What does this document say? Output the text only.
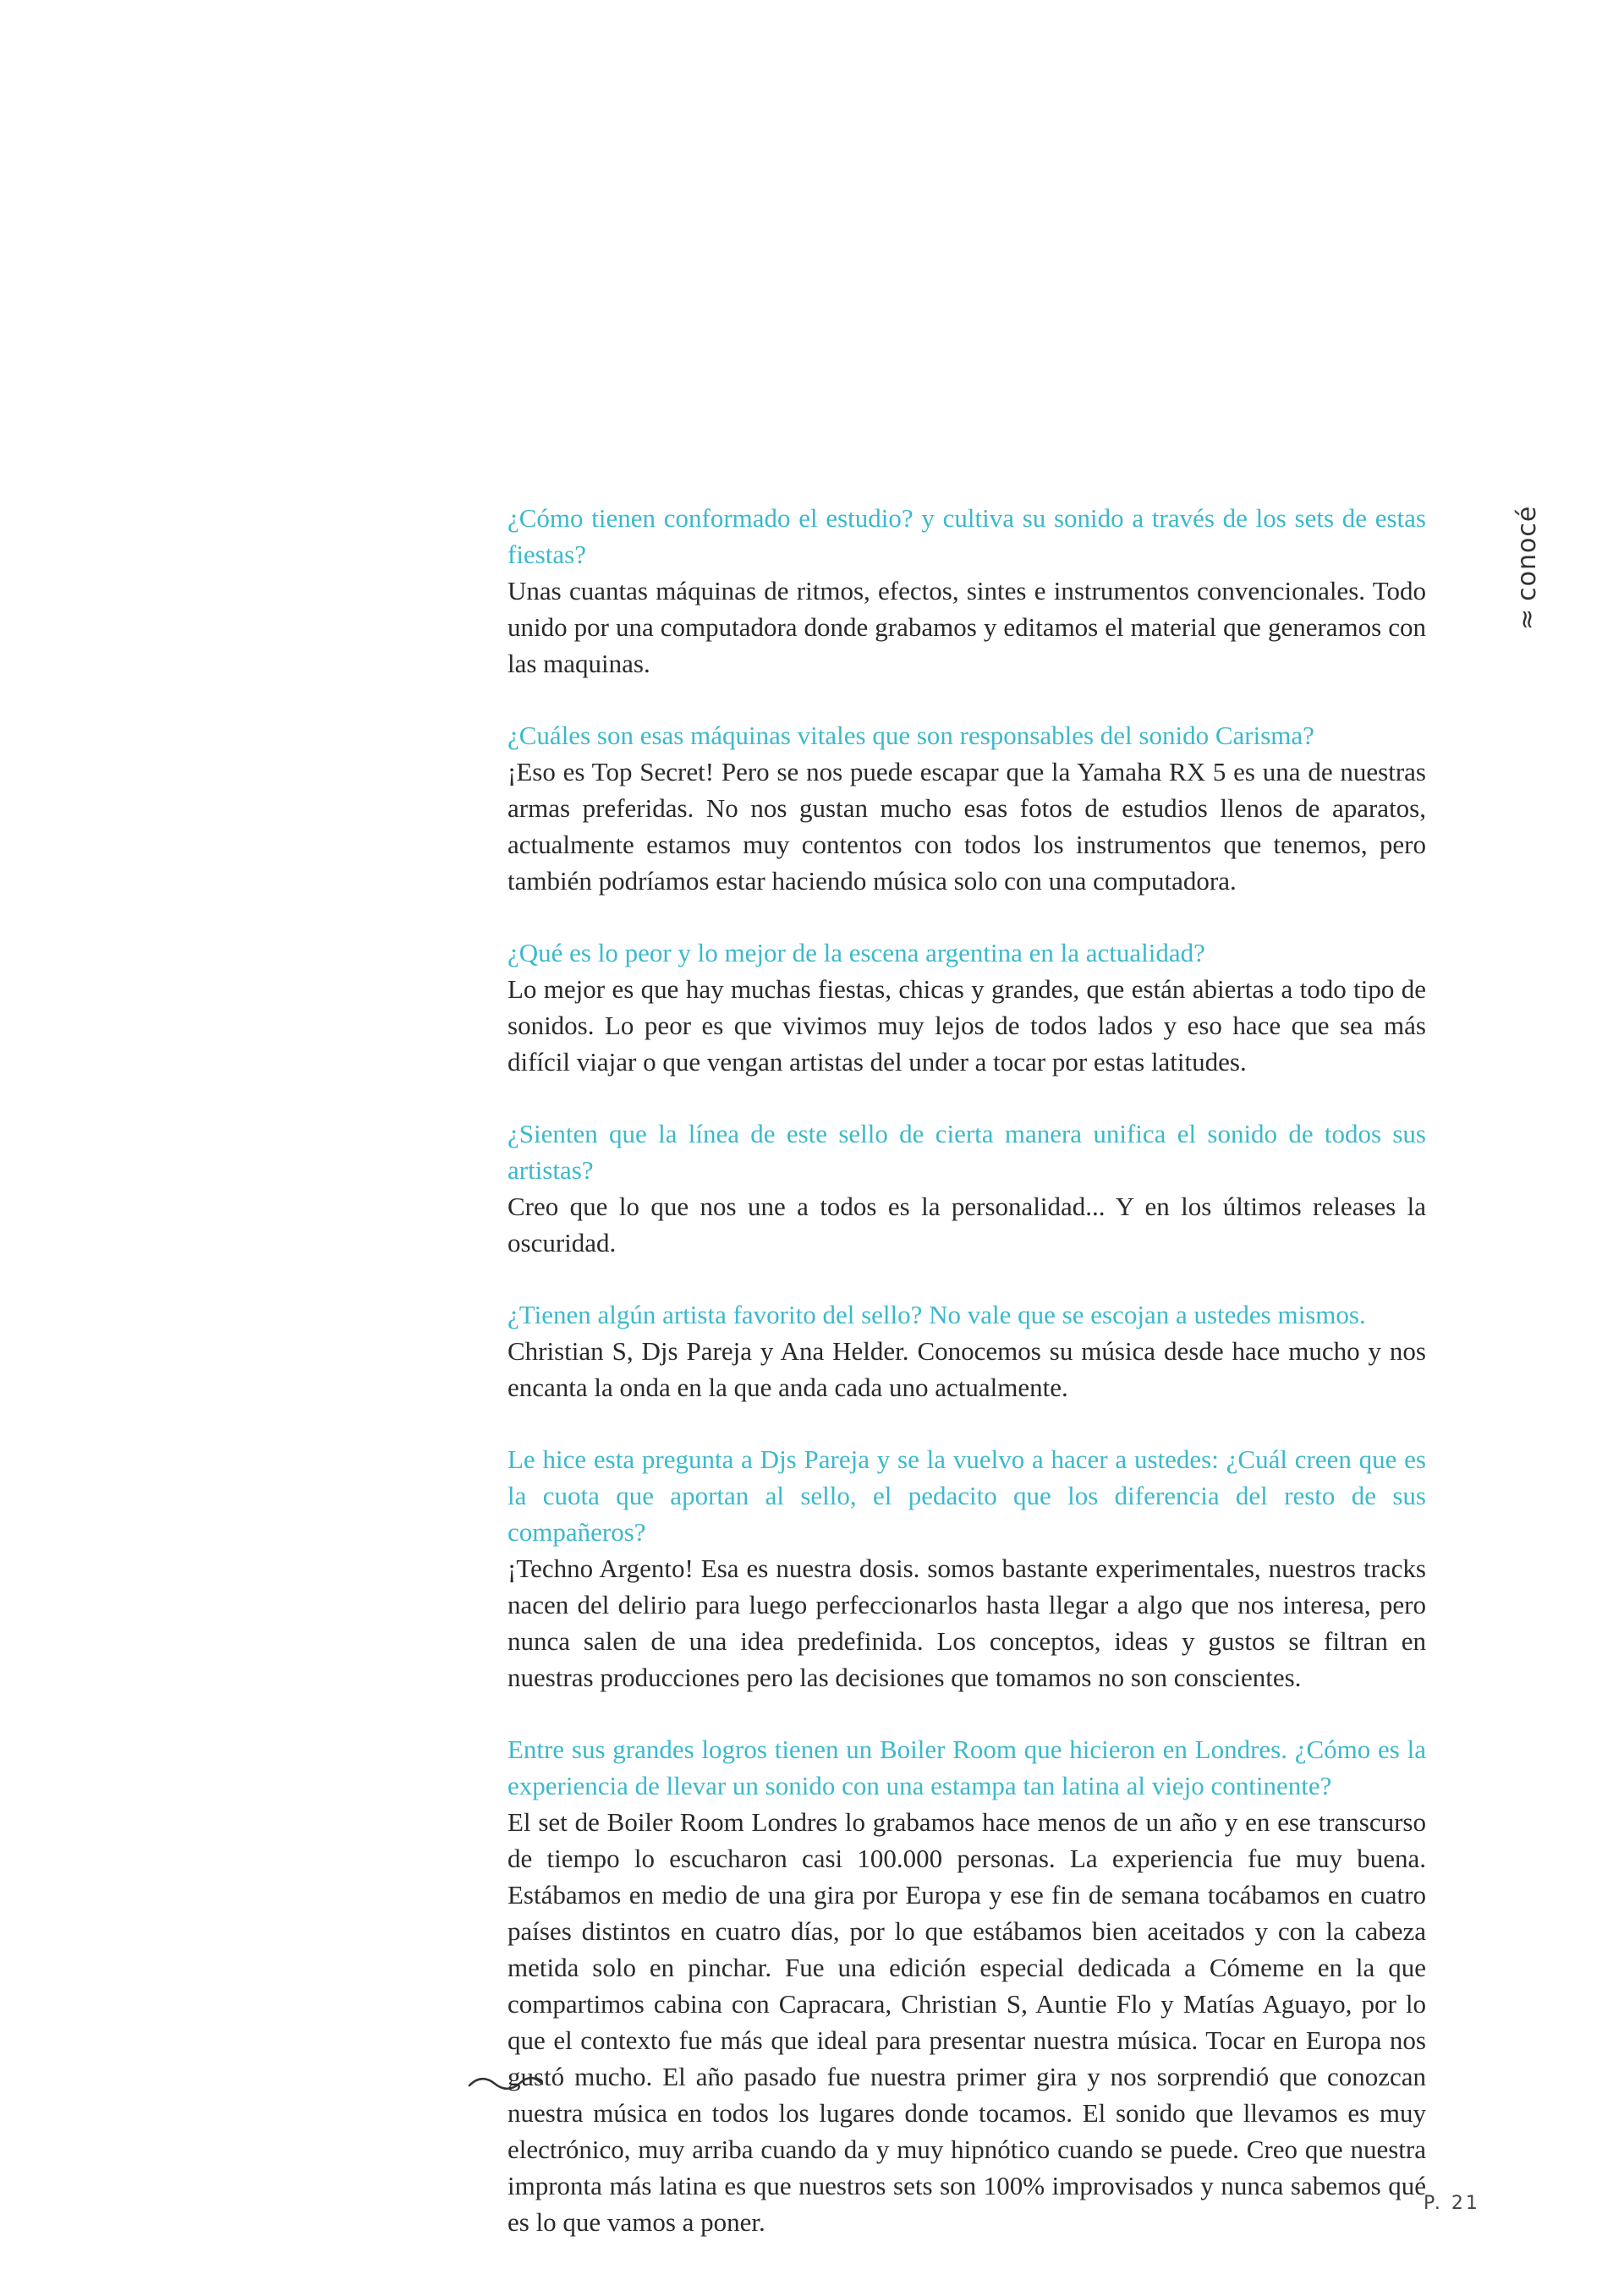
≈conocé

¿Cómo tienen conformado el estudio? y cultiva su sonido a través de los sets de estas fiestas?

Unas cuantas máquinas de ritmos, efectos, sintes e instrumentos convencionales. Todo unido por una computadora donde grabamos y editamos el material que generamos con las maquinas.

¿Cuáles son esas máquinas vitales que son responsables del sonido Carisma?

¡Eso es Top Secret! Pero se nos puede escapar que la Yamaha RX 5 es una de nuestras armas preferidas. No nos gustan mucho esas fotos de estudios llenos de aparatos, actualmente estamos muy contentos con todos los instrumentos que tenemos, pero también podríamos estar haciendo música solo con una computadora.

¿Qué es lo peor y lo mejor de la escena argentina en la actualidad?

Lo mejor es que hay muchas fiestas, chicas y grandes, que están abiertas a todo tipo de sonidos. Lo peor es que vivimos muy lejos de todos lados y eso hace que sea más difícil viajar o que vengan artistas del under a tocar por estas latitudes.

¿Sienten que la línea de este sello de cierta manera unifica el sonido de todos sus artistas?

Creo que lo que nos une a todos es la personalidad... Y en los últimos releases la oscuridad.

¿Tienen algún artista favorito del sello? No vale que se escojan a ustedes mismos.

Christian S, Djs Pareja y Ana Helder. Conocemos su música desde hace mucho y nos encanta la onda en la que anda cada uno actualmente.

Le hice esta pregunta a Djs Pareja y se la vuelvo a hacer a ustedes: ¿Cuál creen que es la cuota que aportan al sello, el pedacito que los diferencia del resto de sus compañeros?

¡Techno Argento! Esa es nuestra dosis. somos bastante experimentales, nuestros tracks nacen del delirio para luego perfeccionarlos hasta llegar a algo que nos interesa, pero nunca salen de una idea predefinida. Los conceptos, ideas y gustos se filtran en nuestras producciones pero las decisiones que tomamos no son conscientes.

Entre sus grandes logros tienen un Boiler Room que hicieron en Londres. ¿Cómo es la experiencia de llevar un sonido con una estampa tan latina al viejo continente?

El set de Boiler Room Londres lo grabamos hace menos de un año y en ese transcurso de tiempo lo escucharon casi 100.000 personas. La experiencia fue muy buena. Estábamos en medio de una gira por Europa y ese fin de semana tocábamos en cuatro países distintos en cuatro días, por lo que estábamos bien aceitados y con la cabeza metida solo en pinchar. Fue una edición especial dedicada a Cómeme en la que compartimos cabina con Capracara, Christian S, Auntie Flo y Matías Aguayo, por lo que el contexto fue más que ideal para presentar nuestra música. Tocar en Europa nos gustó mucho. El año pasado fue nuestra primer gira y nos sorprendió que conozcan nuestra música en todos los lugares donde tocamos. El sonido que llevamos es muy electrónico, muy arriba cuando da y muy hipnótico cuando se puede. Creo que nuestra impronta más latina es que nuestros sets son 100% improvisados y nunca sabemos qué es lo que vamos a poner.

P. 21
